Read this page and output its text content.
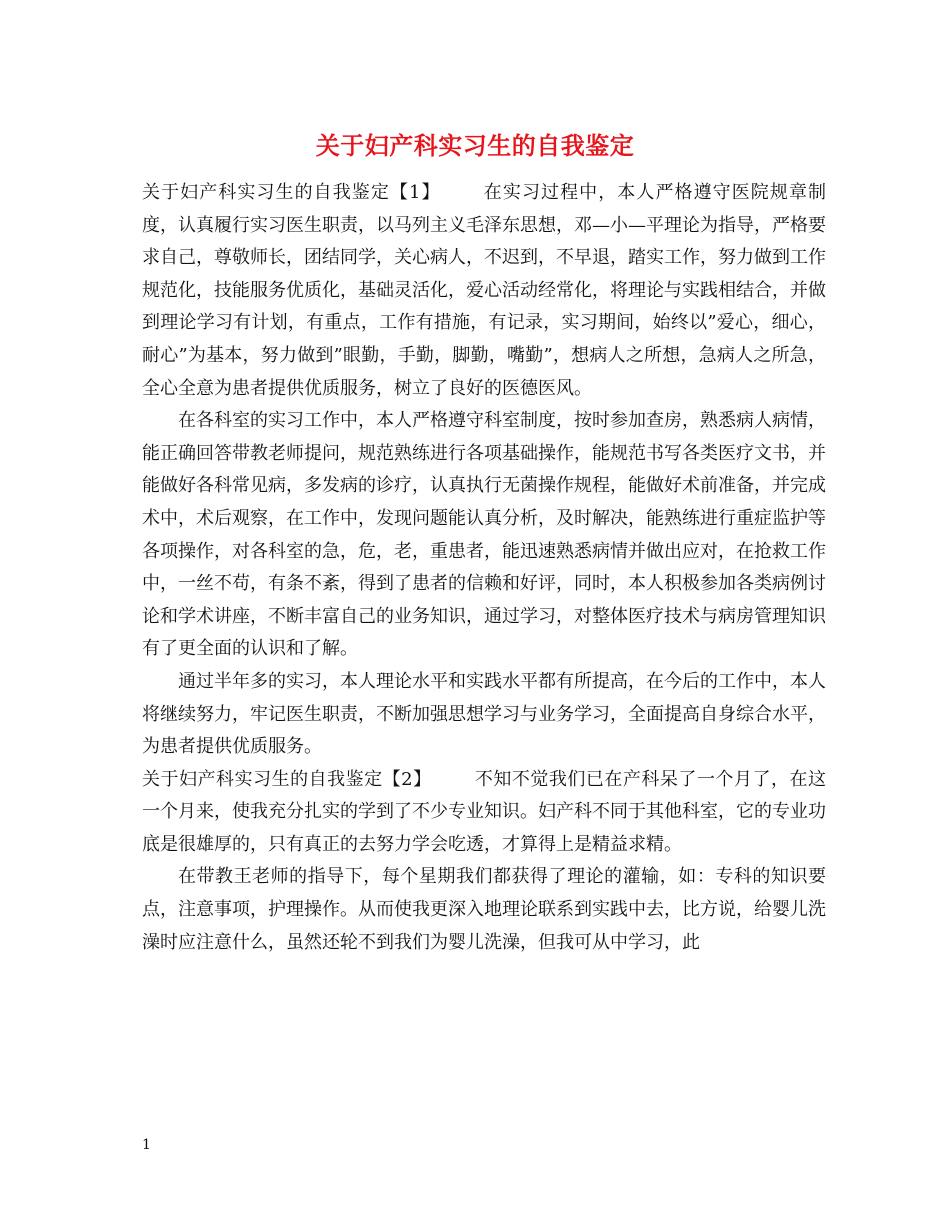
关于妇产科实习生的自我鉴定

关于妇产科实习生的自我鉴定【1】 在实习过程中，本人严格遵守医院规章制度，认真履行实习医生职责，以马列主义毛泽东思想，邓—小—平理论为指导，严格要求自己，尊敬师长，团结同学，关心病人，不迟到，不早退，踏实工作，努力做到工作规范化，技能服务优质化，基础灵活化，爱心活动经常化，将理论与实践相结合，并做到理论学习有计划，有重点，工作有措施，有记录，实习期间，始终以”爱心，细心，耐心”为基本，努力做到”眼勤，手勤，脚勤，嘴勤”，想病人之所想，急病人之所急，全心全意为患者提供优质服务，树立了良好的医德医风。

在各科室的实习工作中，本人严格遵守科室制度，按时参加查房，熟悉病人病情，能正确回答带教老师提问，规范熟练进行各项基础操作，能规范书写各类医疗文书，并能做好各科常见病，多发病的诊疗，认真执行无菌操作规程，能做好术前准备，并完成术中，术后观察，在工作中，发现问题能认真分析，及时解决，能熟练进行重症监护等各项操作，对各科室的急，危，老，重患者，能迅速熟悉病情并做出应对，在抢救工作中，一丝不苟，有条不紊，得到了患者的信赖和好评，同时，本人积极参加各类病例讨论和学术讲座，不断丰富自己的业务知识，通过学习，对整体医疗技术与病房管理知识有了更全面的认识和了解。

通过半年多的实习，本人理论水平和实践水平都有所提高，在今后的工作中，本人将继续努力，牢记医生职责，不断加强思想学习与业务学习，全面提高自身综合水平，为患者提供优质服务。

关于妇产科实习生的自我鉴定【2】 不知不觉我们已在产科呆了一个月了，在这一个月来，使我充分扎实的学到了不少专业知识。妇产科不同于其他科室，它的专业功底是很雄厚的，只有真正的去努力学会吃透，才算得上是精益求精。

在带教王老师的指导下，每个星期我们都获得了理论的灌输，如：专科的知识要点，注意事项，护理操作。从而使我更深入地理论联系到实践中去，比方说，给婴儿洗澡时应注意什么，虽然还轮不到我们为婴儿洗澡，但我可从中学习，此

1
